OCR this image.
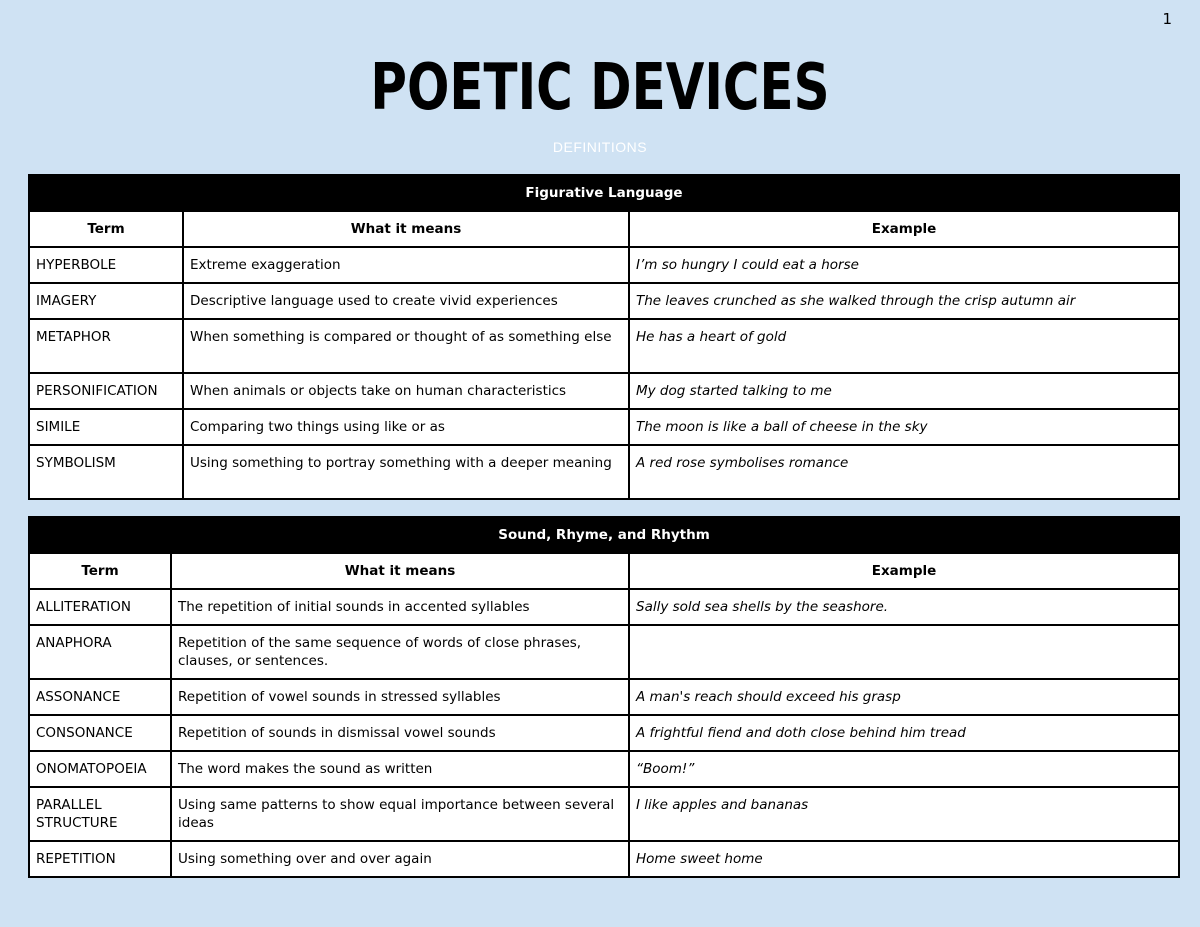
1
POETIC DEVICES
DEFINITIONS
Figurative Language		
Term	What it means	Example
HYPERBOLE	Extreme exaggeration	I’m so hungry I could eat a horse
IMAGERY	Descriptive language used to create vivid experiences	The leaves crunched as she walked through the crisp autumn air
METAPHOR	When something is compared or thought of as something else	He has a heart of gold
PERSONIFICATION	When animals or objects take on human characteristics	My dog started talking to me
SIMILE	Comparing two things using like or as	The moon is like a ball of cheese in the sky
SYMBOLISM	Using something to portray something with a deeper meaning	A red rose symbolises romance
Sound, Rhyme, and Rhythm		
Term	What it means	Example
ALLITERATION	The repetition of initial sounds in accented syllables	Sally sold sea shells by the seashore.
ANAPHORA	Repetition of the same sequence of words of close phrases, clauses, or sentences.	
ASSONANCE	Repetition of vowel sounds in stressed syllables	A man's reach should exceed his grasp
CONSONANCE	Repetition of sounds in dismissal vowel sounds	A frightful fiend and doth close behind him tread
ONOMATOPOEIA	The word makes the sound as written	“Boom!”
PARALLEL STRUCTURE	Using same patterns to show equal importance between several ideas	I like apples and bananas
REPETITION	Using something over and over again	Home sweet home
